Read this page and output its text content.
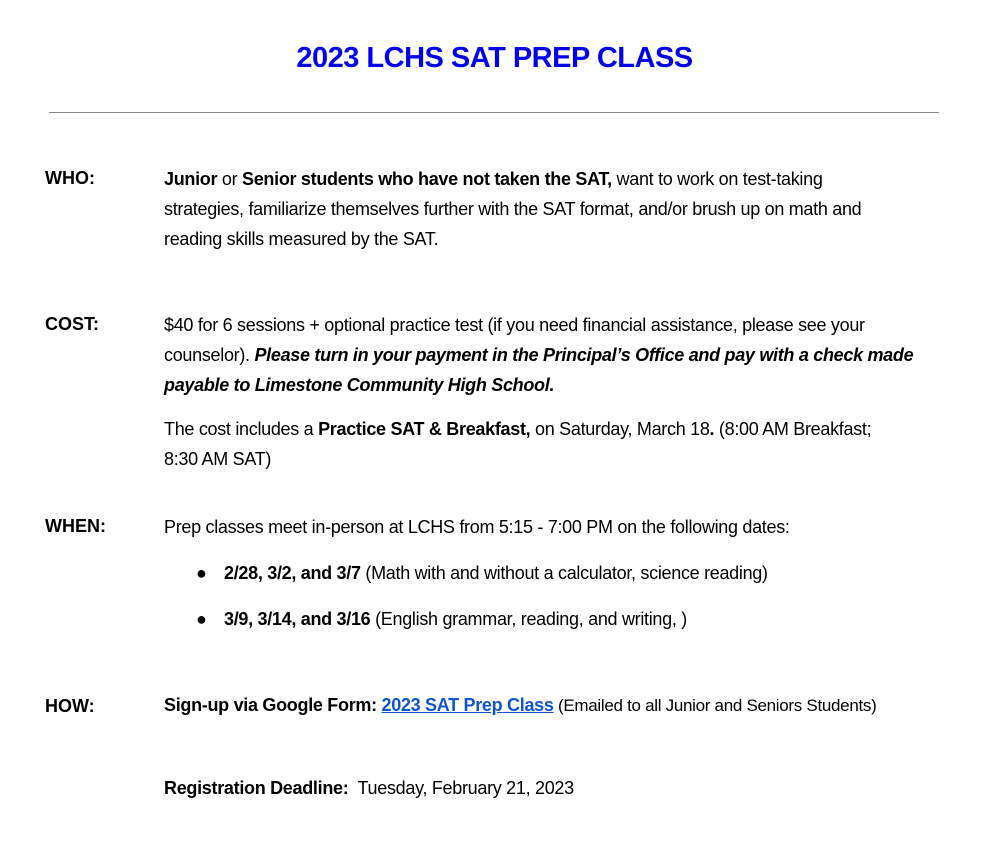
2023 LCHS SAT PREP CLASS
WHO:	Junior or Senior students who have not taken the SAT, want to work on test-taking strategies, familiarize themselves further with the SAT format, and/or brush up on math and reading skills measured by the SAT.
COST:	$40 for 6 sessions + optional practice test (if you need financial assistance, please see your counselor). Please turn in your payment in the Principal’s Office and pay with a check made payable to Limestone Community High School.
The cost includes a Practice SAT & Breakfast, on Saturday, March 18. (8:00 AM Breakfast; 8:30 AM SAT)
WHEN:	Prep classes meet in-person at LCHS from 5:15 - 7:00 PM on the following dates:
● 2/28, 3/2, and 3/7 (Math with and without a calculator, science reading)
● 3/9, 3/14, and 3/16 (English grammar, reading, and writing, )
HOW:	Sign-up via Google Form: 2023 SAT Prep Class (Emailed to all Junior and Seniors Students)
Registration Deadline:  Tuesday, February 21, 2023
